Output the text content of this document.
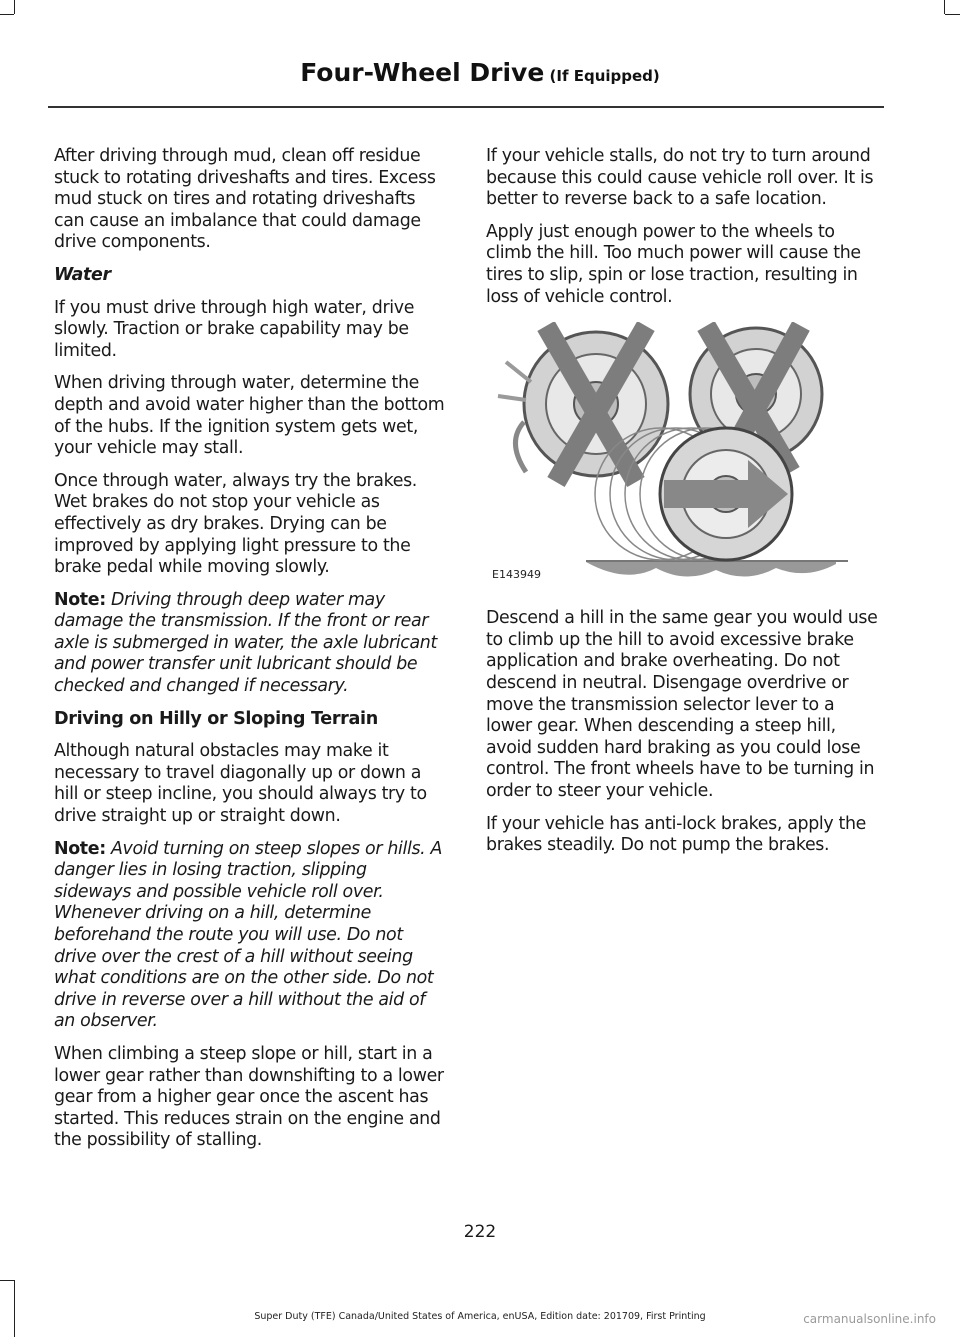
Four-Wheel Drive (If Equipped)

After driving through mud, clean off residue stuck to rotating driveshafts and tires. Excess mud stuck on tires and rotating driveshafts can cause an imbalance that could damage drive components.

Water

If you must drive through high water, drive slowly. Traction or brake capability may be limited.

When driving through water, determine the depth and avoid water higher than the bottom of the hubs. If the ignition system gets wet, your vehicle may stall.

Once through water, always try the brakes. Wet brakes do not stop your vehicle as effectively as dry brakes. Drying can be improved by applying light pressure to the brake pedal while moving slowly.

Note: Driving through deep water may damage the transmission. If the front or rear axle is submerged in water, the axle lubricant and power transfer unit lubricant should be checked and changed if necessary.

Driving on Hilly or Sloping Terrain

Although natural obstacles may make it necessary to travel diagonally up or down a hill or steep incline, you should always try to drive straight up or straight down.

Note: Avoid turning on steep slopes or hills. A danger lies in losing traction, slipping sideways and possible vehicle roll over. Whenever driving on a hill, determine beforehand the route you will use. Do not drive over the crest of a hill without seeing what conditions are on the other side. Do not drive in reverse over a hill without the aid of an observer.

When climbing a steep slope or hill, start in a lower gear rather than downshifting to a lower gear from a higher gear once the ascent has started. This reduces strain on the engine and the possibility of stalling.

If your vehicle stalls, do not try to turn around because this could cause vehicle roll over. It is better to reverse back to a safe location.

Apply just enough power to the wheels to climb the hill. Too much power will cause the tires to slip, spin or lose traction, resulting in loss of vehicle control.

E143949

Descend a hill in the same gear you would use to climb up the hill to avoid excessive brake application and brake overheating. Do not descend in neutral. Disengage overdrive or move the transmission selector lever to a lower gear. When descending a steep hill, avoid sudden hard braking as you could lose control. The front wheels have to be turning in order to steer your vehicle.

If your vehicle has anti-lock brakes, apply the brakes steadily. Do not pump the brakes.

222
Super Duty (TFE) Canada/United States of America, enUSA, Edition date: 201709, First Printing	carmanualsonline.info
